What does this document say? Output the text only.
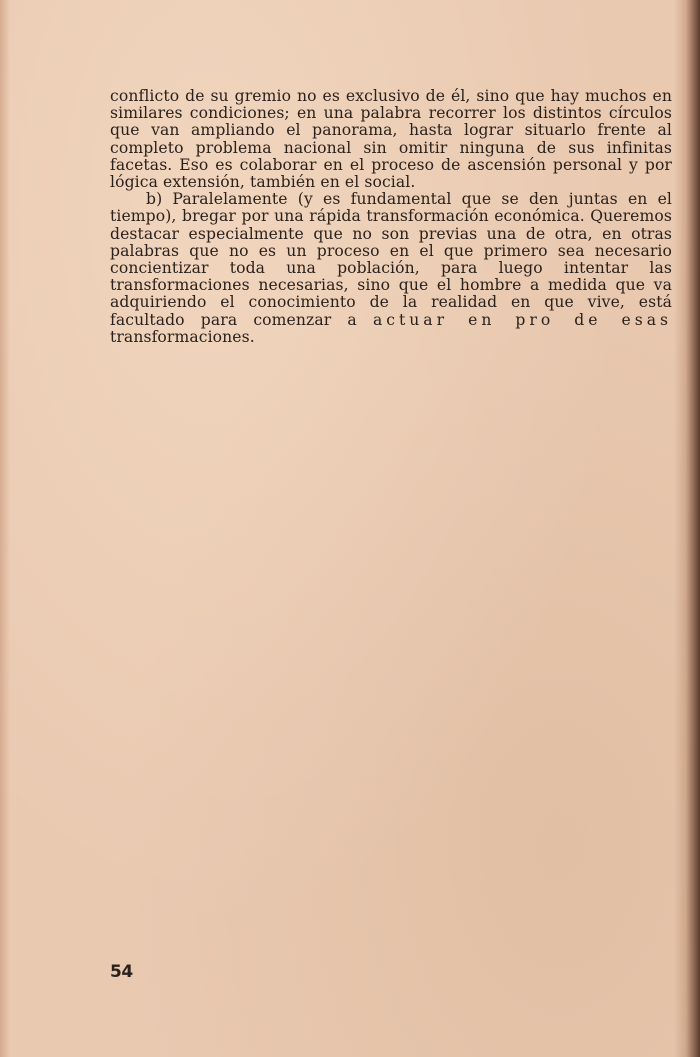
conflicto de su gremio no es exclusivo de él, sino que hay muchos en similares condiciones; en una palabra recorrer los distintos círculos que van ampliando el panorama, hasta lograr situarlo frente al completo problema nacional sin omitir ninguna de sus infinitas facetas. Eso es colaborar en el proceso de ascensión personal y por lógica extensión, también en el social.

b) Paralelamente (y es fundamental que se den juntas en el tiempo), bregar por una rápida transformación económica. Queremos destacar especialmente que no son previas una de otra, en otras palabras que no es un proceso en el que primero sea necesario concientizar toda una población, para luego intentar las transformaciones necesarias, sino que el hombre a medida que va adquiriendo el conocimiento de la realidad en que vive, está facultado para comenzar a actuar en pro de esas transformaciones.

54
